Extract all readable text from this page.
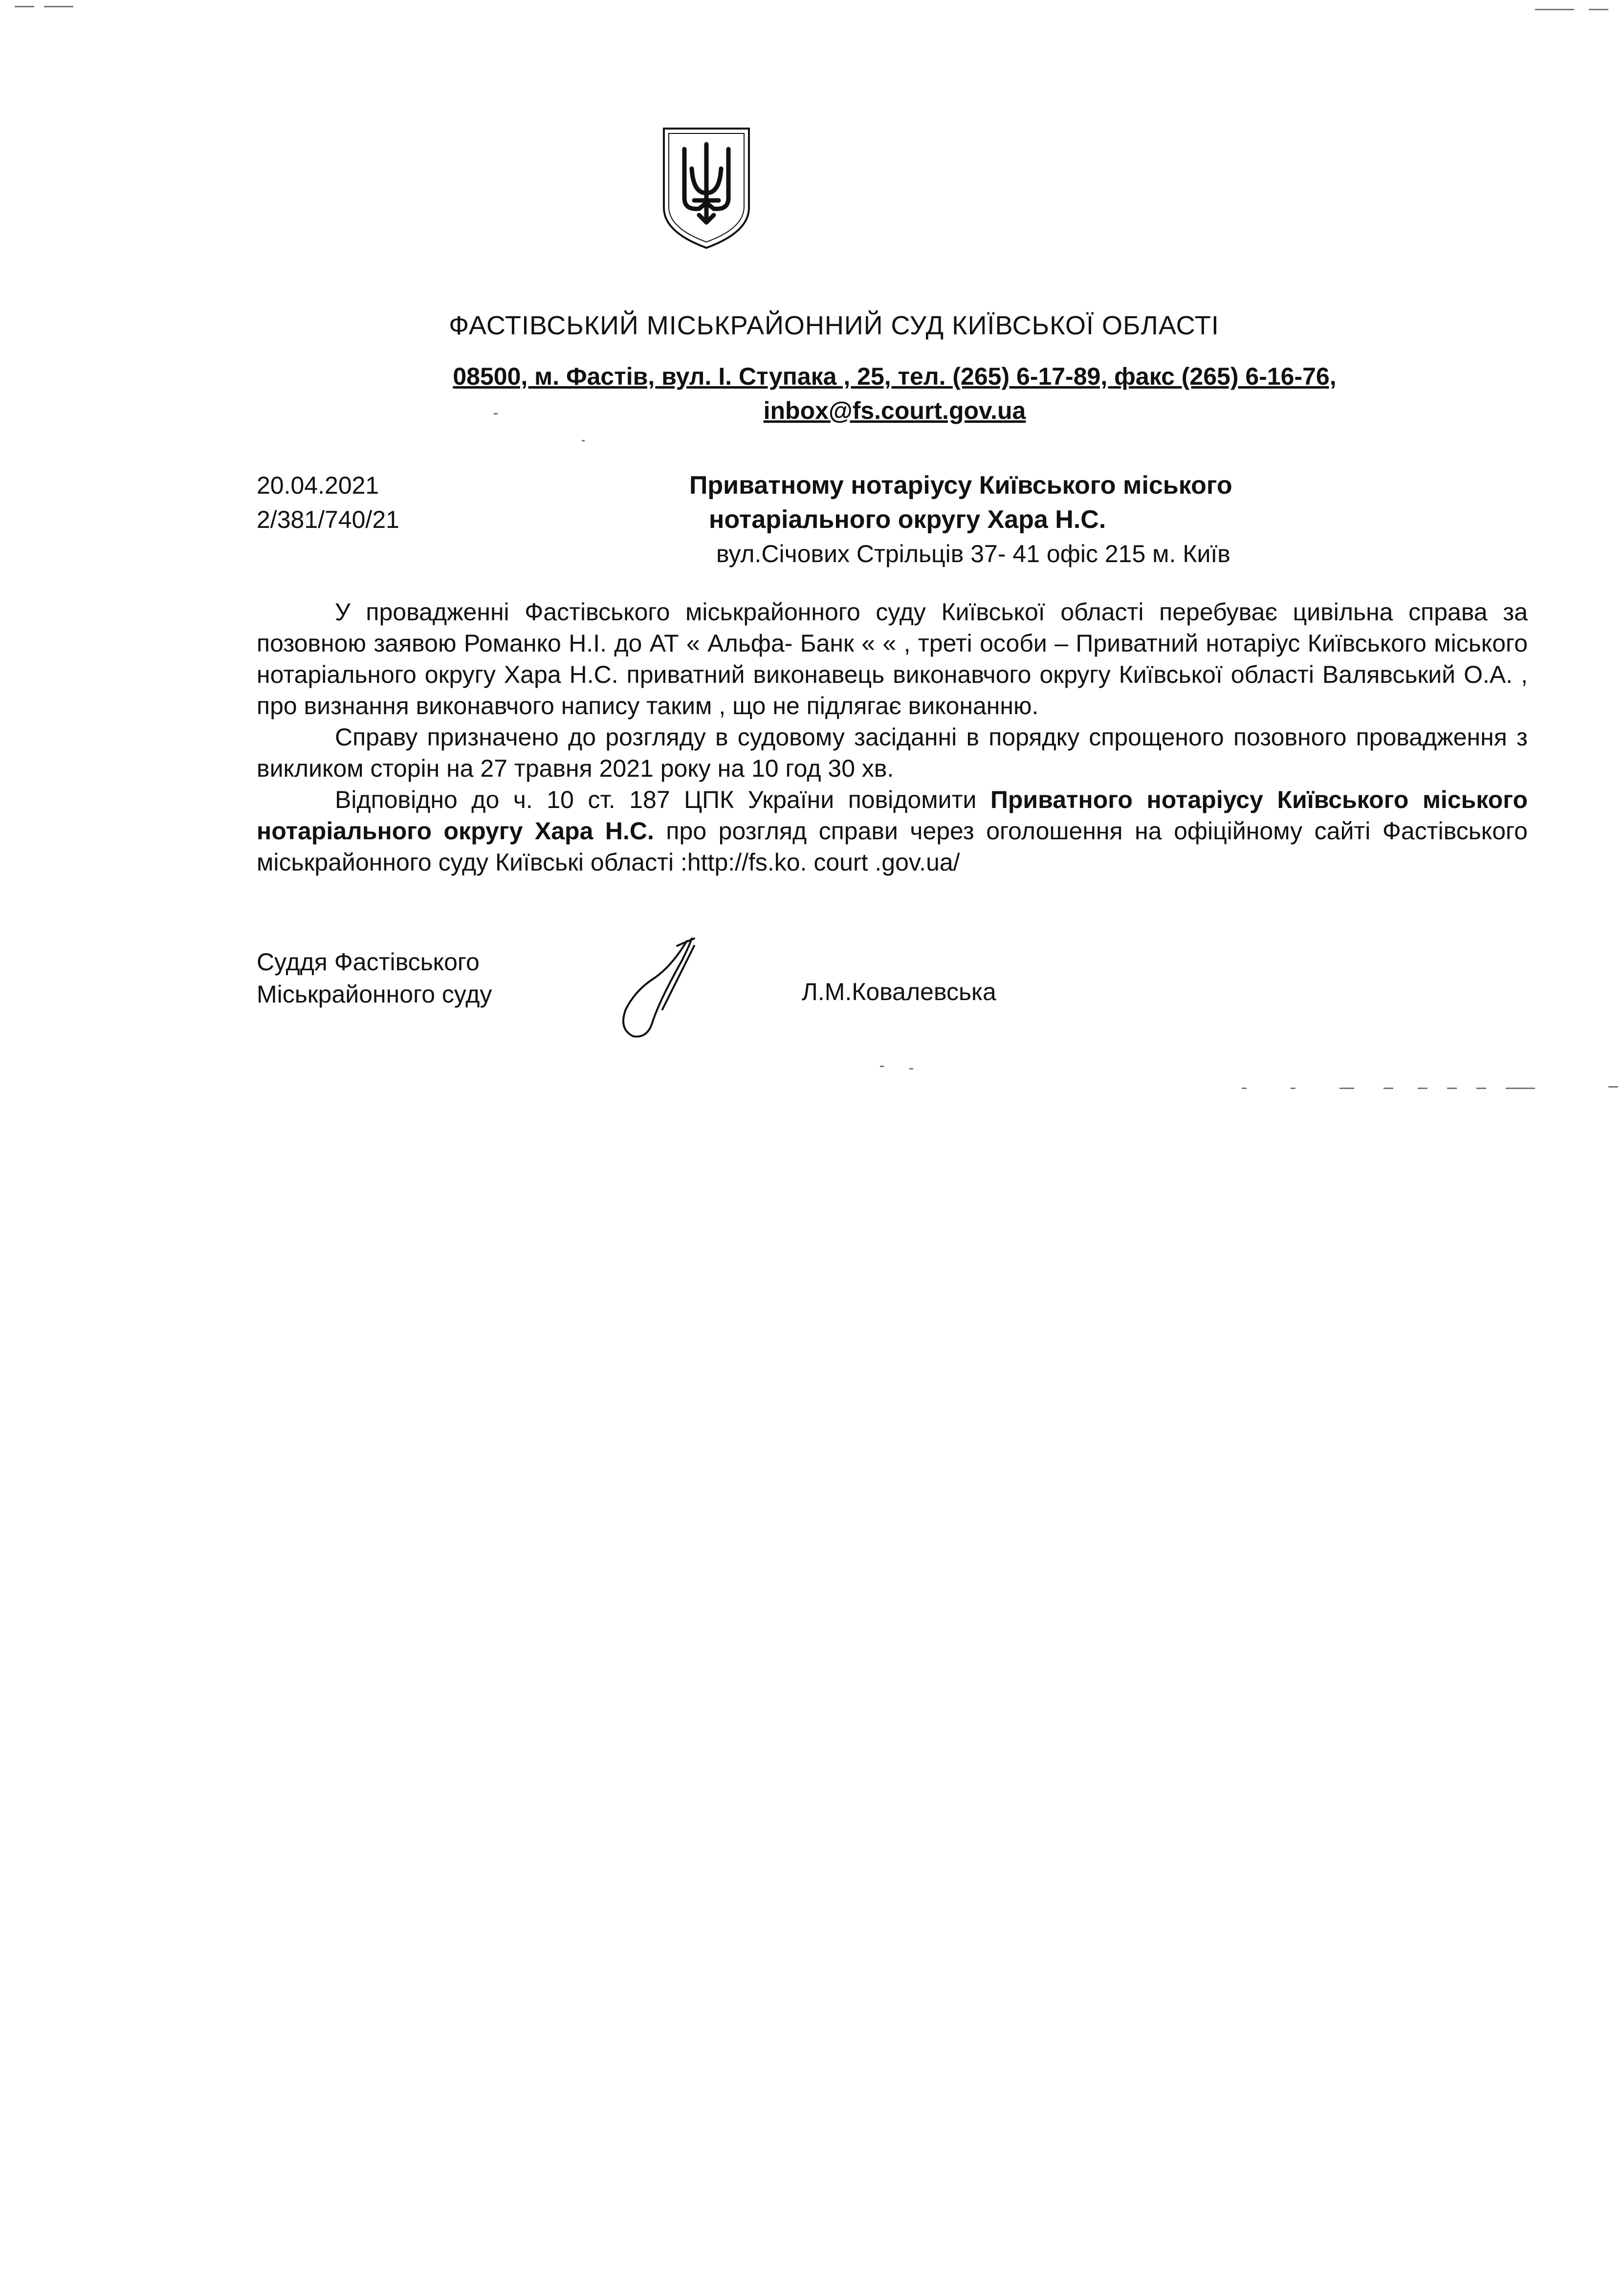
ФАСТІВСЬКИЙ МІСЬКРАЙОННИЙ СУД КИЇВСЬКОЇ ОБЛАСТІ
08500, м. Фастів, вул. І. Ступака , 25, тел. (265) 6-17-89, факс (265) 6-16-76,
inbox@fs.court.gov.ua
20.04.2021
2/381/740/21
Приватному нотаріусу Київського міського
нотаріального округу Хара Н.С.
вул.Січових Стрільців 37- 41 офіс 215 м. Київ

У провадженні Фастівського міськрайонного суду Київської області перебуває цивільна справа за позовною заявою Романко Н.І. до АТ « Альфа- Банк « « , треті особи – Приватний нотаріус Київського міського нотаріального округу Хара Н.С. приватний виконавець виконавчого округу Київської області Валявський О.А. , про визнання виконавчого напису таким , що не підлягає виконанню.

Справу призначено до розгляду в судовому засіданні в порядку спрощеного позовного провадження з викликом сторін на 27 травня 2021 року на 10 год 30 хв.

Відповідно до ч. 10 ст. 187 ЦПК України повідомити Приватного нотаріусу Київського міського нотаріального округу Хара Н.С. про розгляд справи через оголошення на офіційному сайті Фастівського міськрайонного суду Київські області :http://fs.ko. court .gov.ua/

Суддя Фастівського
Міськрайонного суду	Л.М.Ковалевська
